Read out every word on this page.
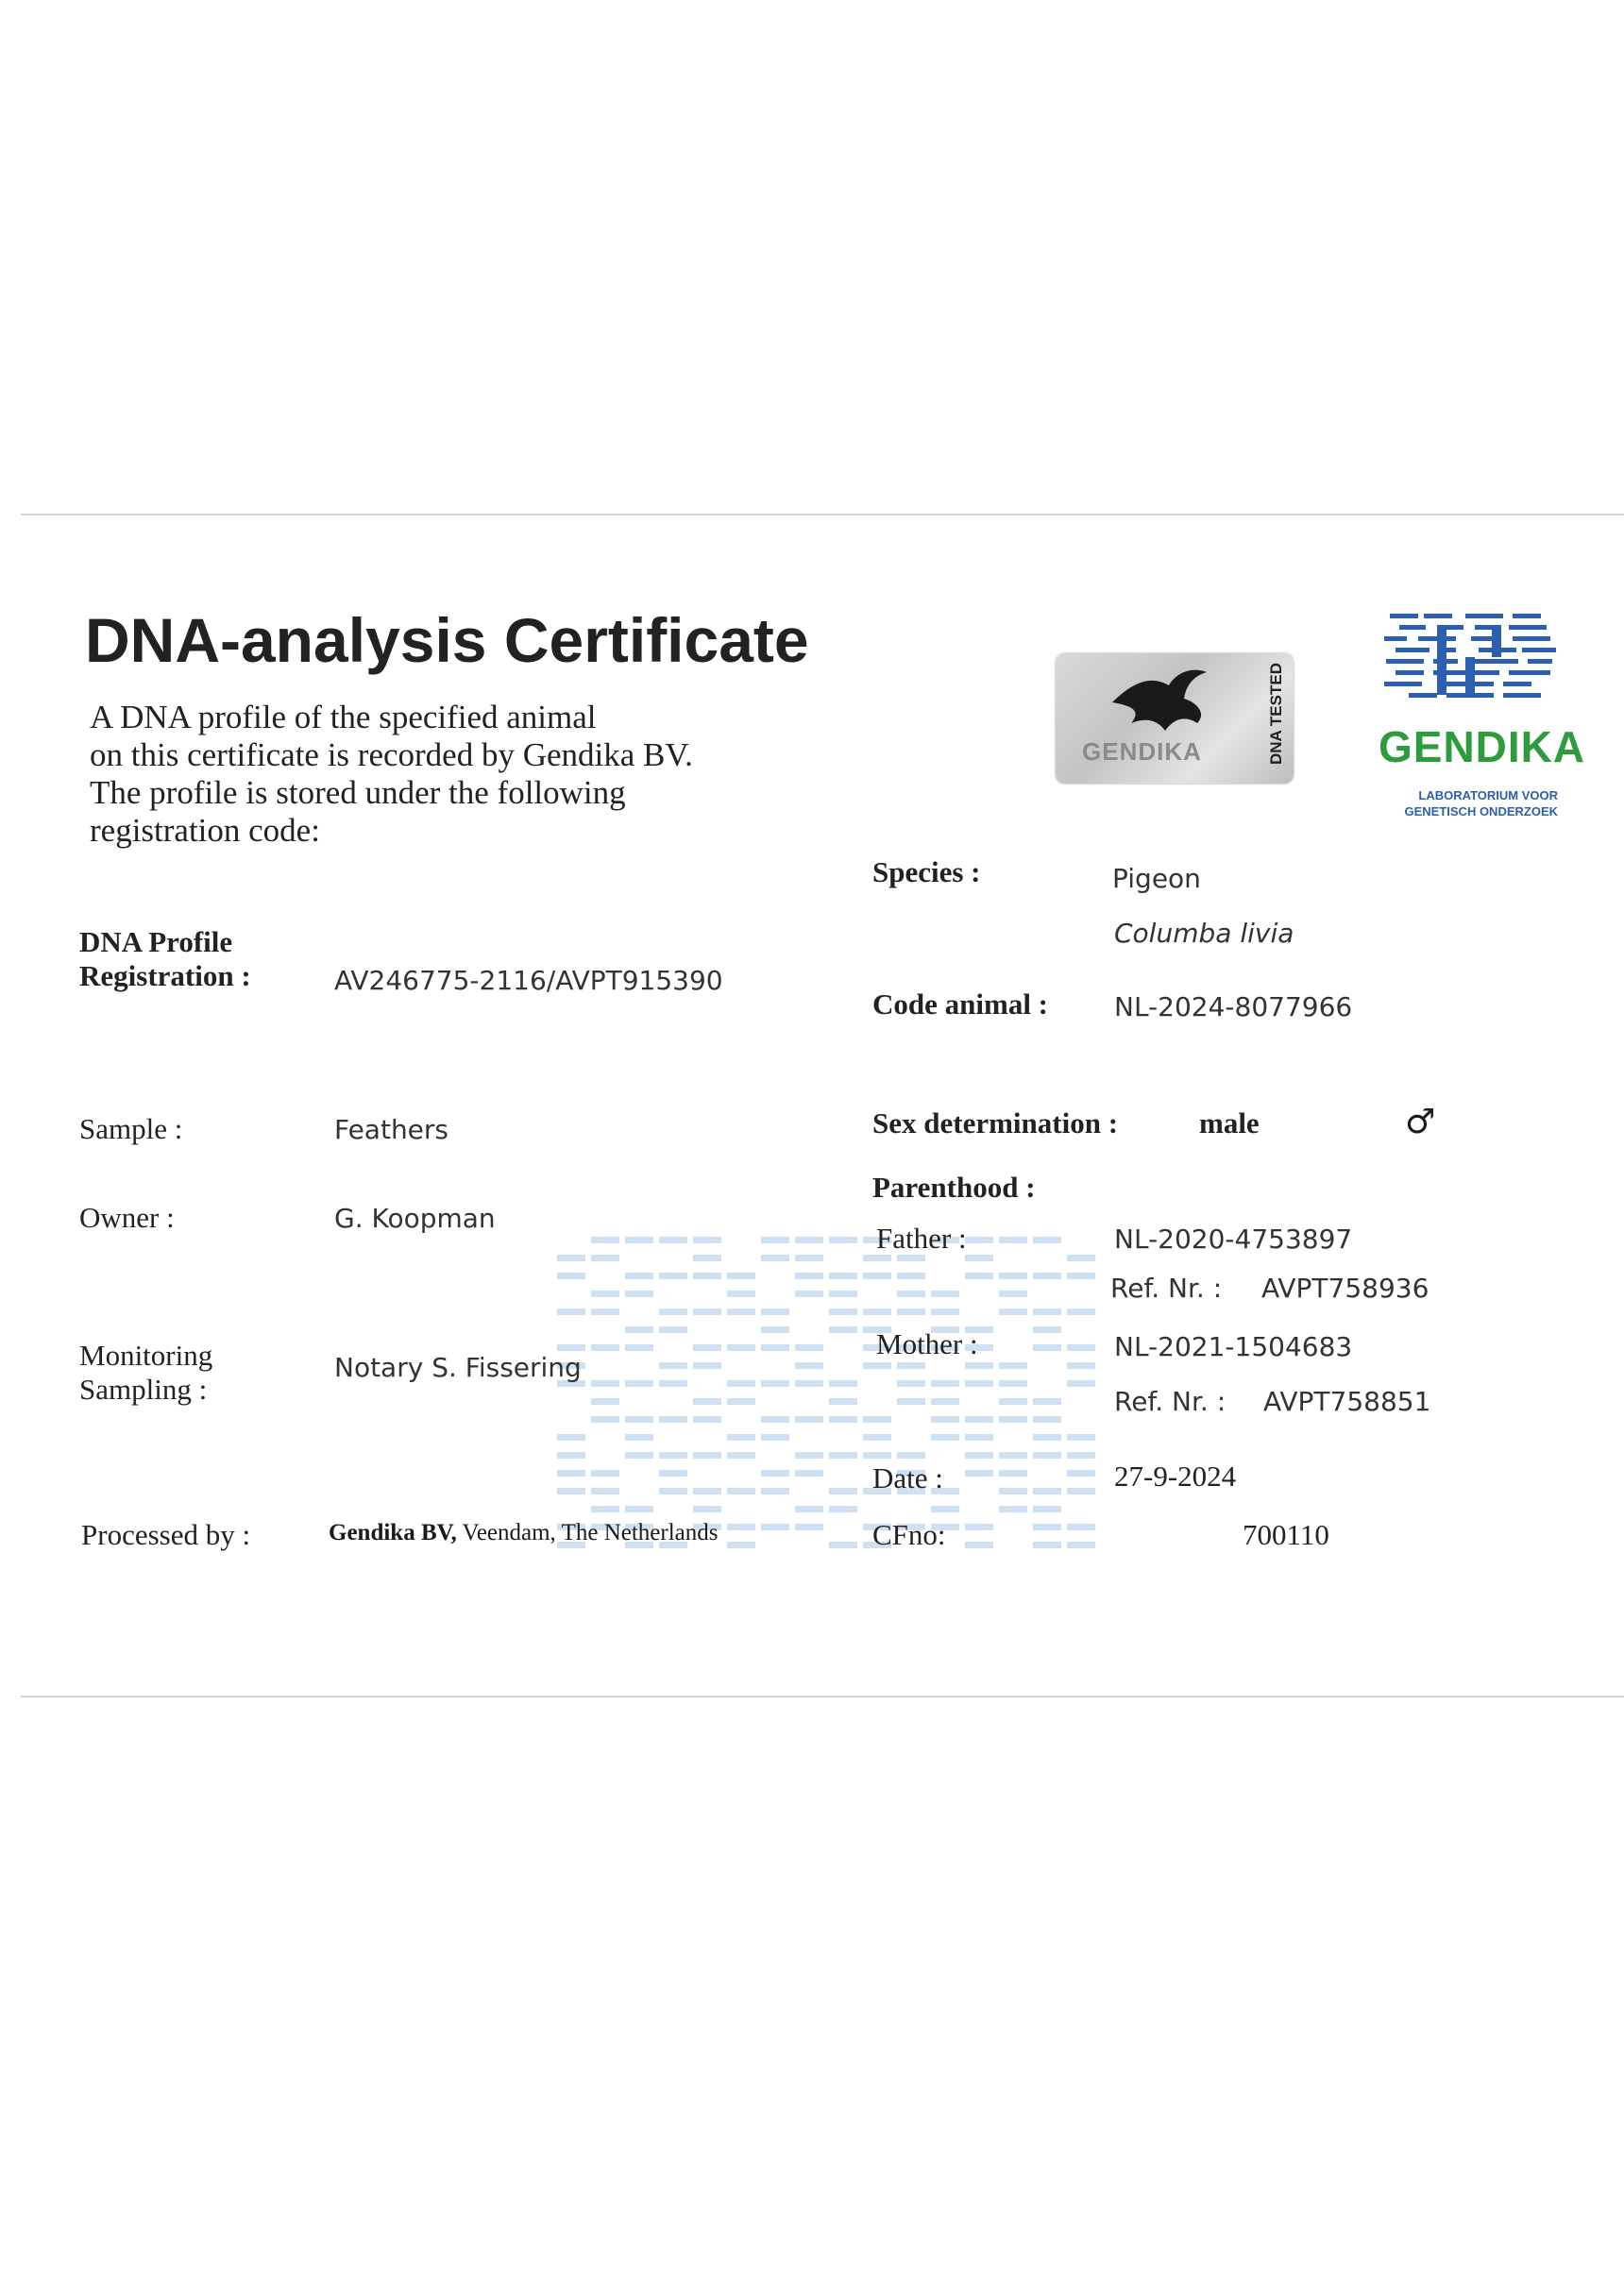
DNA-analysis Certificate
A DNA profile of the specified animal
on this certificate is recorded by Gendika BV.
The profile is stored under the following
registration code:
GENDIKA	DNA TESTED GENDIKA
LABORATORIUM VOOR
GENETISCH ONDERZOEK
DNA Profile
Registration :	AV246775-2116/AVPT915390
Sample :	Feathers
Owner :	G. Koopman
Monitoring
Sampling :
Notary S. Fissering
Processed by :	Gendika BV, Veendam, The Netherlands
Species :	Pigeon
Columba livia
Code animal :	NL-2024-8077966
Sex determination :	male	♂
Parenthood :
Father :	NL-2020-4753897
Ref. Nr. : AVPT758936
Mother :	NL-2021-1504683
Ref. Nr. : AVPT758851
Date :	27-9-2024
CFno:	700110
